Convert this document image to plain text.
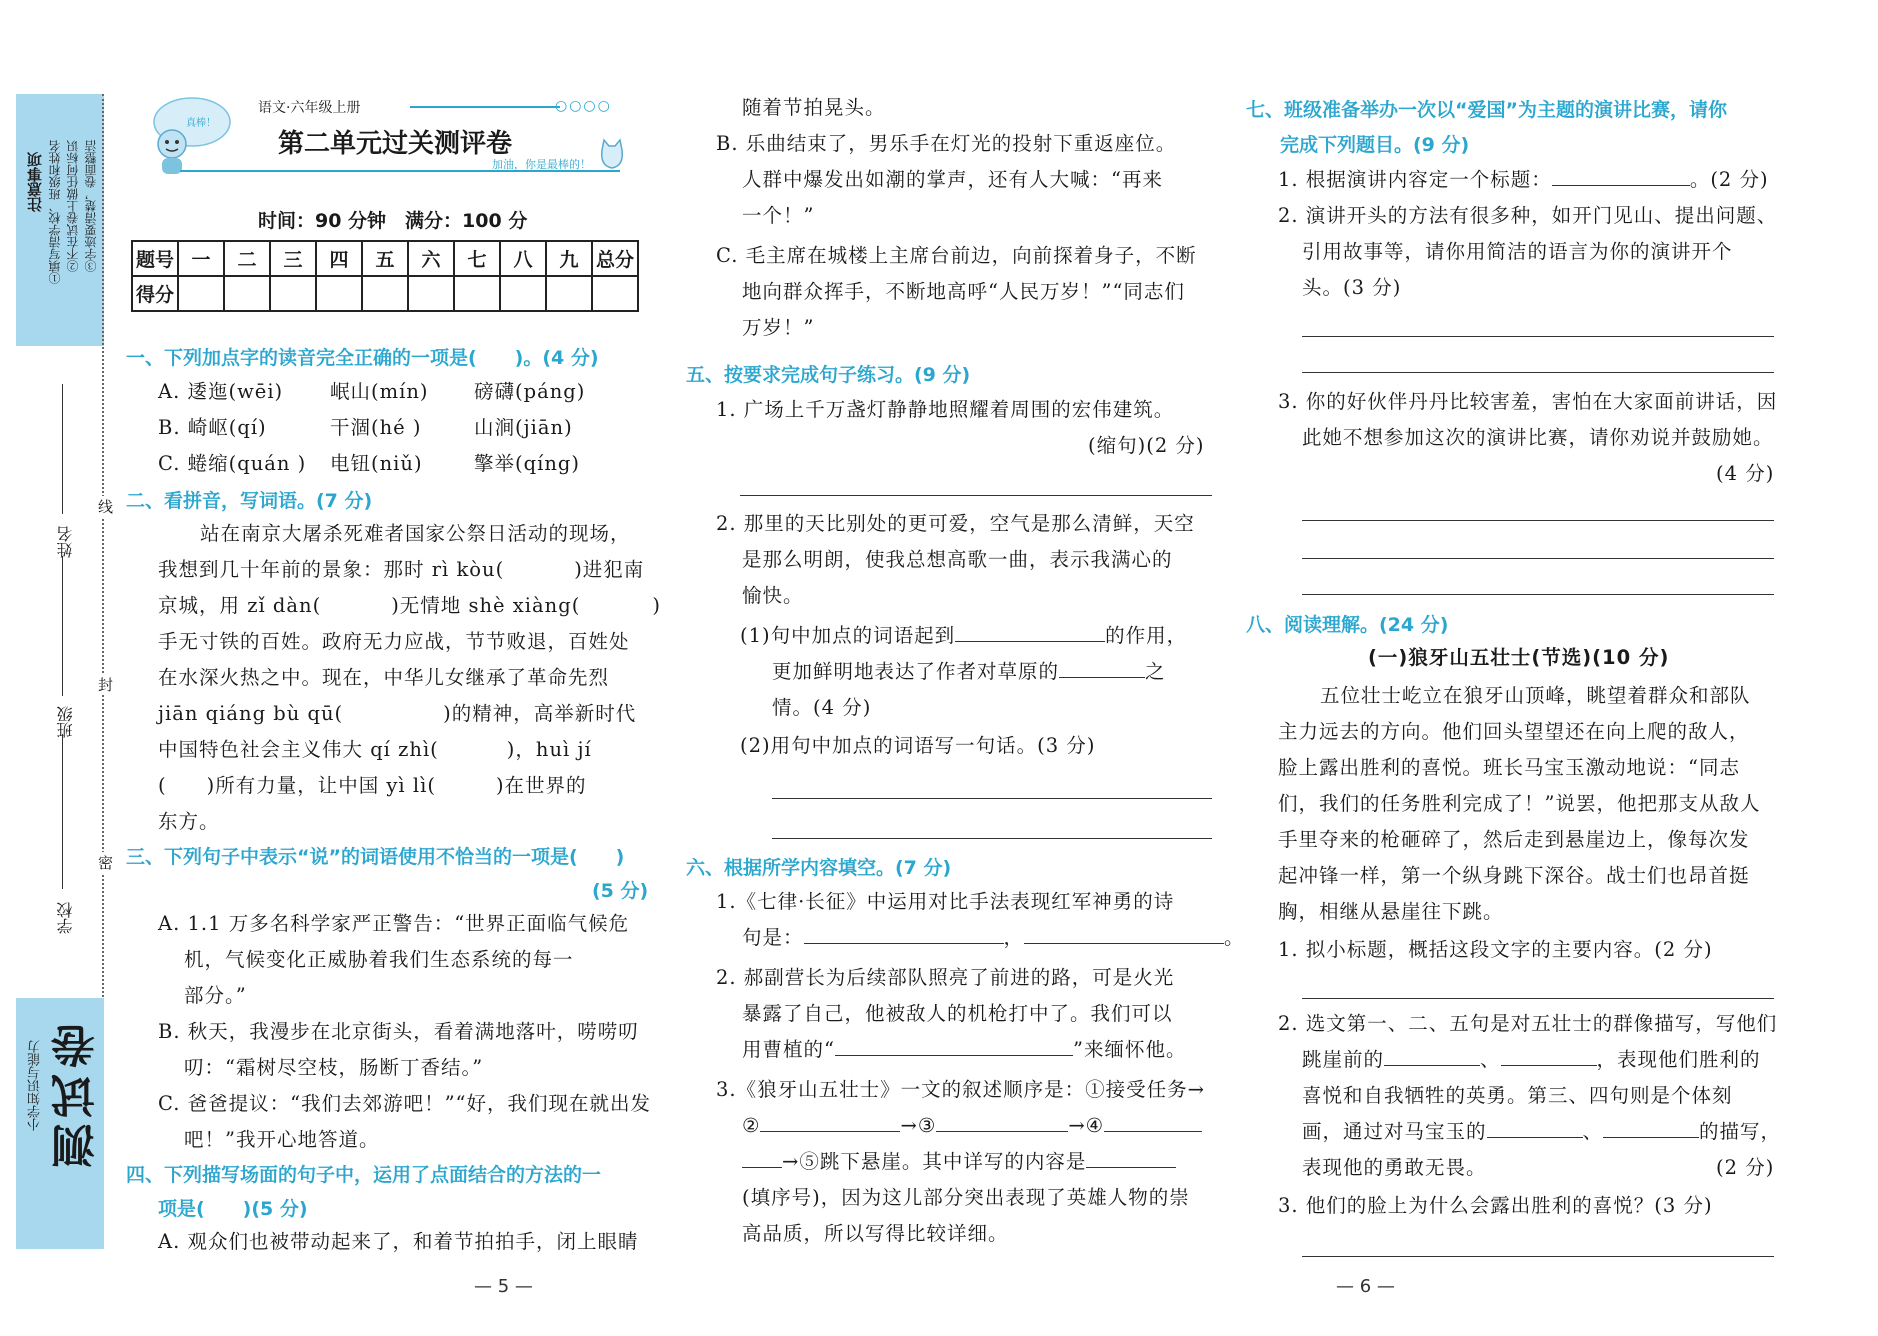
注意事项 ①填写清学校、班级和姓名 ②不在试卷上做任何标识 ③字迹要清楚，卷面整洁
学校
班级
姓名
线
封
密
小学知识与能力 测试卷
真棒！
语文·六年级上册	○○○○
第二单元过关测评卷
加油，你是最棒的！
时间：90 分钟　满分：100 分
题号	一	二	三	四	五	六	七	八	九	总分
得分										
一、下列加点字的读音完全正确的一项是(　　)。(4 分)
A. 逶迤(wēi) 岷山(mín) 磅礴(páng)
B. 崎岖(qí)	干涸(hé )	山涧(jiān)
C. 蜷缩(quán ) 电钮(niǔ)	擎举(qíng)
二、看拼音，写词语。(7 分)
站在南京大屠杀死难者国家公祭日活动的现场，
我想到几十年前的景象：那时 rì kòu(	)进犯南
京城，用 zǐ dàn(	)无情地 shè xiàng(	)
手无寸铁的百姓。政府无力应战，节节败退，百姓处
在水深火热之中。现在，中华儿女继承了革命先烈
jiān qiáng bù qū(	)的精神，高举新时代
中国特色社会主义伟大 qí zhì(	)，huì jí
( )所有力量，让中国 yì lì(	)在世界的
东方。
三、下列句子中表示“说”的词语使用不恰当的一项是(　　)
(5 分)
A. 1.1 万多名科学家严正警告：“世界正面临气候危
机，气候变化正威胁着我们生态系统的每一
部分。”
B. 秋天，我漫步在北京街头，看着满地落叶，唠唠叨
叨：“霜树尽空枝，肠断丁香结。”
C. 爸爸提议：“我们去郊游吧！”“好，我们现在就出发
吧！”我开心地答道。
四、下列描写场面的句子中，运用了点面结合的方法的一
项是(　　)(5 分)
A. 观众们也被带动起来了，和着节拍拍手，闭上眼睛
随着节拍晃头。
B. 乐曲结束了，男乐手在灯光的投射下重返座位。
人群中爆发出如潮的掌声，还有人大喊：“再来
一个！”
C. 毛主席在城楼上主席台前边，向前探着身子，不断
地向群众挥手，不断地高呼“人民万岁！”“同志们
万岁！”
五、按要求完成句子练习。(9 分)
1. 广场上千万盏灯静静地照耀着周围的宏伟建筑。
(缩句)(2 分)
2. 那里的天比别处的更可爱，空气是那么清鲜，天空
是那么明朗，使我总想高歌一曲，表示我满心的
愉快。
(1)句中加点的词语起到	的作用，
更加鲜明地表达了作者对草原的	之
情。(4 分)
(2)用句中加点的词语写一句话。(3 分)
六、根据所学内容填空。(7 分)
1.《七律·长征》中运用对比手法表现红军神勇的诗
句是：	，	。
2. 郝副营长为后续部队照亮了前进的路，可是火光
暴露了自己，他被敌人的机枪打中了。我们可以
用曹植的“	”来缅怀他。
3.《狼牙山五壮士》一文的叙述顺序是：①接受任务→
②	→③	→④
→⑤跳下悬崖。其中详写的内容是
(填序号)，因为这儿部分突出表现了英雄人物的崇
高品质，所以写得比较详细。
七、班级准备举办一次以“爱国”为主题的演讲比赛，请你
完成下列题目。(9 分)
1. 根据演讲内容定一个标题：	。(2 分)
2. 演讲开头的方法有很多种，如开门见山、提出问题、
引用故事等，请你用简洁的语言为你的演讲开个
头。(3 分)
3. 你的好伙伴丹丹比较害羞，害怕在大家面前讲话，因
此她不想参加这次的演讲比赛，请你劝说并鼓励她。
(4 分)
八、阅读理解。(24 分)
(一)狼牙山五壮士(节选)(10 分)
五位壮士屹立在狼牙山顶峰，眺望着群众和部队
主力远去的方向。他们回头望望还在向上爬的敌人，
脸上露出胜利的喜悦。班长马宝玉激动地说：“同志
们，我们的任务胜利完成了！”说罢，他把那支从敌人
手里夺来的枪砸碎了，然后走到悬崖边上，像每次发
起冲锋一样，第一个纵身跳下深谷。战士们也昂首挺
胸，相继从悬崖往下跳。
1. 拟小标题，概括这段文字的主要内容。(2 分)
2. 选文第一、二、五句是对五壮士的群像描写，写他们
跳崖前的	、	，表现他们胜利的
喜悦和自我牺牲的英勇。第三、四句则是个体刻
画，通过对马宝玉的	、	的描写，
表现他的勇敢无畏。	(2 分)
3. 他们的脸上为什么会露出胜利的喜悦？(3 分)
— 5 —	— 6 —
